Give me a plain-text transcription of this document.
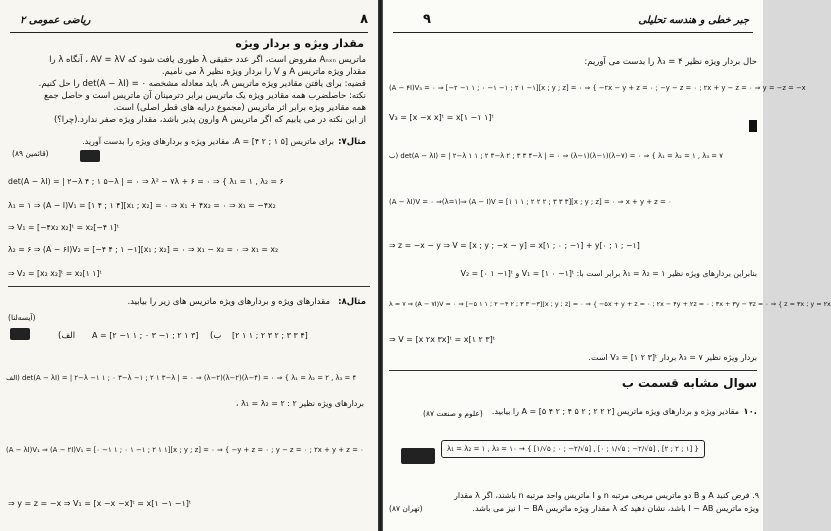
۸
ریاضی عمومی ۲
مقدار ویژه و بردار ویژه
ماتریس Aₙₓₙ مفروض است، اگر عدد حقیقی λ طوری یافت شود که AV = λV ، آنگاه λ را
مقدار ویژه ماتریس A و V را بردار ویژه نظیر λ می نامیم.
قضیه: برای یافتن مقادیر ویژه ماتریس A، باید معادله مشخصه det(A − λI) = ۰ را حل کنیم.
نکته: حاصلضرب همه مقادیر ویژه یک ماتریس برابر دترمینان آن ماتریس است و حاصل جمع
همه مقادیر ویژه برابر اثر ماتریس (مجموع درایه های قطر اصلی) است.
از این نکته در می یابیم که اگر ماتریس A وارون پذیر باشد، مقدار ویژه صفر ندارد.(چرا؟)
مثال۷:
برای ماتریس A = [۴ ۲ ; ۱ ۵]، مقادیر ویژه و بردارهای ویژه را بدست آورید.
(قائمین ۸۹)
det(A − λI) = | ۲−λ ۴ ; ۱ ۵−λ | = ۰ ⇒ λ² − ۷λ + ۶ = ۰ ⇒ { λ₁ = ۱ , λ₂ = ۶
λ₁ = ۱ ⇒ (A − I)V₁ = [۱ ۴ ; ۱ ۴][x₁ ; x₂] = ۰ ⇒ x₁ + ۴x₂ = ۰ ⇒ x₁ = −۴x₂
⇒ V₁ = [−۴x₂ x₂]ᵗ = x₂[−۴ ۱]ᵗ
λ₂ = ۶ ⇒ (A − ۶I)V₂ = [−۴ ۴ ; ۱ −۱][x₁ ; x₂] = ۰ ⇒ x₁ − x₂ = ۰ ⇒ x₁ = x₂
⇒ V₂ = [x₂ x₂]ᵗ = x₂[۱ ۱]ᵗ
مثال۸:
مقدارهای ویژه و بردارهای ویژه ماتریس های زیر را بیابید.
(آیسه‌لنا)
(الف A = [۲ −۱ ۱ ; ۰ ۳ −۱ ; ۲ ۱ ۳] (ب [۲ ۱ ۱ ; ۲ ۳ ۲ ; ۳ ۳ ۴]
الف) det(A − λI) = | ۲−λ −۱ ۱ ; ۰ ۳−λ −۱ ; ۲ ۱ ۳−λ | = ۰ ⇒ (λ−۲)(λ−۲)(λ−۴) = ۰ ⇒ { λ₁ = λ₂ = ۲ , λ₃ = ۴
بردارهای ویژه نظیر ۲ : λ₁ = λ₂ = ۲ ،
(A − λI)V₁ ⇒ (A − ۲I)V₁ = [۰ −۱ ۱ ; ۰ ۱ −۱ ; ۲ ۱ ۱][x ; y ; z] = ۰ ⇒ { −y + z = ۰ ; y − z = ۰ ; ۲x + y + z = ۰
⇒ y = z = −x ⇒ V₁ = [x −x −x]ᵗ = x[۱ −۱ −۱]ᵗ
۹	جبر خطی و هندسه تحلیلی
حال بردار ویژه نظیر ۴ = λ₃ را بدست می آوریم:
(A − ۴I)V₃ = ۰ ⇒ [−۲ −۱ ۱ ; ۰ −۱ −۱ ; ۲ ۱ −۱][x ; y ; z] = ۰ ⇒ { −۲x − y + z = ۰ ; −y − z = ۰ ; ۲x + y − z = ۰ ⇒ y = −z = −x
V₃ = [x −x x]ᵗ = x[۱ −۱ ۱]ᵗ
ب) det(A − λI) = | ۲−λ ۱ ۱ ; ۲ ۳−λ ۲ ; ۳ ۳ ۴−λ | = ۰ ⇒ (λ−۱)(λ−۱)(λ−۷) = ۰ ⇒ { λ₁ = λ₂ = ۱ , λ₃ = ۷
(A − λI)V = ۰ ⇒(λ=۱)⇒ (A − I)V = [۱ ۱ ۱ ; ۲ ۲ ۲ ; ۳ ۳ ۳][x ; y ; z] = ۰ ⇒ x + y + z = ۰
⇒ z = −x − y ⇒ V = [x ; y ; −x − y] = x[۱ ; ۰ ; −۱] + y[۰ ; ۱ ; −۱]
بنابراین بردارهای ویژه نظیر ۱ = λ₁ = λ₂ برابر است با: V₁ = [۱ ۰ −۱]ᵗ و V₂ = [۰ ۱ −۱]ᵗ
λ = ۷ ⇒ (A − ۷I)V = ۰ ⇒ [−۵ ۱ ۱ ; ۲ −۴ ۲ ; ۳ ۳ −۳][x ; y ; z] = ۰ ⇒ { −۵x + y + z = ۰ ; ۲x − ۴y + ۲z = ۰ ; ۳x + ۳y − ۳z = ۰ ⇒ { z = ۳x ; y = ۲x
⇒ V = [x ۲x ۳x]ᵗ = x[۱ ۲ ۳]ᵗ
بردار ویژه نظیر ۷ = λ₃ بردار V₃ = [۱ ۲ ۳]ᵗ است.
سوال مشابه قسمت ب
۱۰.
مقادیر ویژه و بردارهای ویژه ماتریس A = [۵ ۴ ۲ ; ۴ ۵ ۲ ; ۲ ۲ ۲] را بیابید.
(علوم و صنعت ۸۷)
λ₁ = λ₂ = ۱ , λ₃ = ۱۰ → { [۱/√۵ ; ۰ ; −۲/√۵] , [۰ ; ۱/√۵ ; −۲/√۵] , [۲ ; ۲ ; ۱] }
۹. فرض کنید A و B دو ماتریس مربعی مرتبه n و I ماتریس واحد مرتبه n باشند، اگر λ مقدار
ویژه ماتریس I − AB باشد، نشان دهید که λ مقدار ویژه ماتریس I − BA نیز می باشد.
(تهران ۸۷)
